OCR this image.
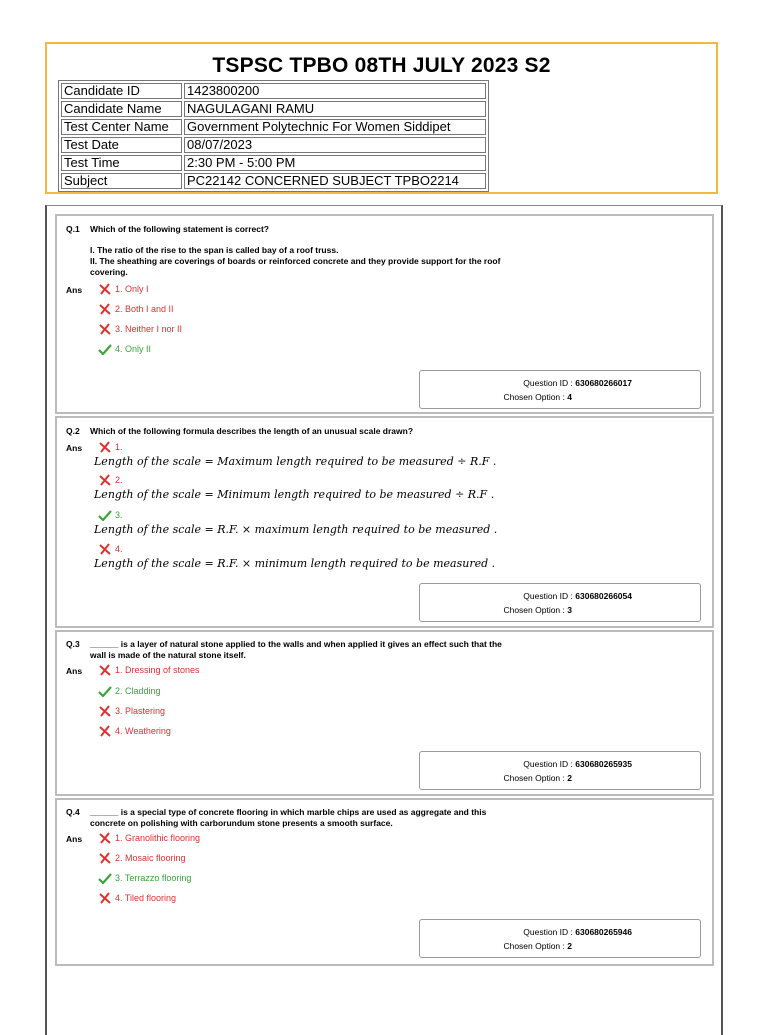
TSPSC TPBO 08TH JULY 2023 S2
Candidate ID	1423800200
Candidate Name	NAGULAGANI RAMU
Test Center Name	Government Polytechnic For Women Siddipet
Test Date	08/07/2023
Test Time	2:30 PM - 5:00 PM
Subject	PC22142 CONCERNED SUBJECT TPBO2214
Q.1 Which of the following statement is correct?
I. The ratio of the rise to the span is called bay of a roof truss.
II. The sheathing are coverings of boards or reinforced concrete and they provide support for the roof covering.
Ans	1. Only I
2. Both I and II
3. Neither I nor II
4. Only II
Question ID : 630680266017
Chosen Option : 4
Q.2 Which of the following formula describes the length of an unusual scale drawn?
Ans	1.
Length of the scale = Maximum length required to be measured ÷ R.F .
2.
Length of the scale = Minimum length required to be measured ÷ R.F .
3.
Length of the scale = R.F. × maximum length required to be measured .
4.
Length of the scale = R.F. × minimum length required to be measured .
Question ID : 630680266054
Chosen Option : 3
Q.3 ______ is a layer of natural stone applied to the walls and when applied it gives an effect such that the wall is made of the natural stone itself.
Ans	1. Dressing of stones
2. Cladding
3. Plastering
4. Weathering
Question ID : 630680265935
Chosen Option : 2
Q.4 ______ is a special type of concrete flooring in which marble chips are used as aggregate and this concrete on polishing with carborundum stone presents a smooth surface.
Ans	1. Granolithic flooring
2. Mosaic flooring
3. Terrazzo flooring
4. Tiled flooring
Question ID : 630680265946
Chosen Option : 2
